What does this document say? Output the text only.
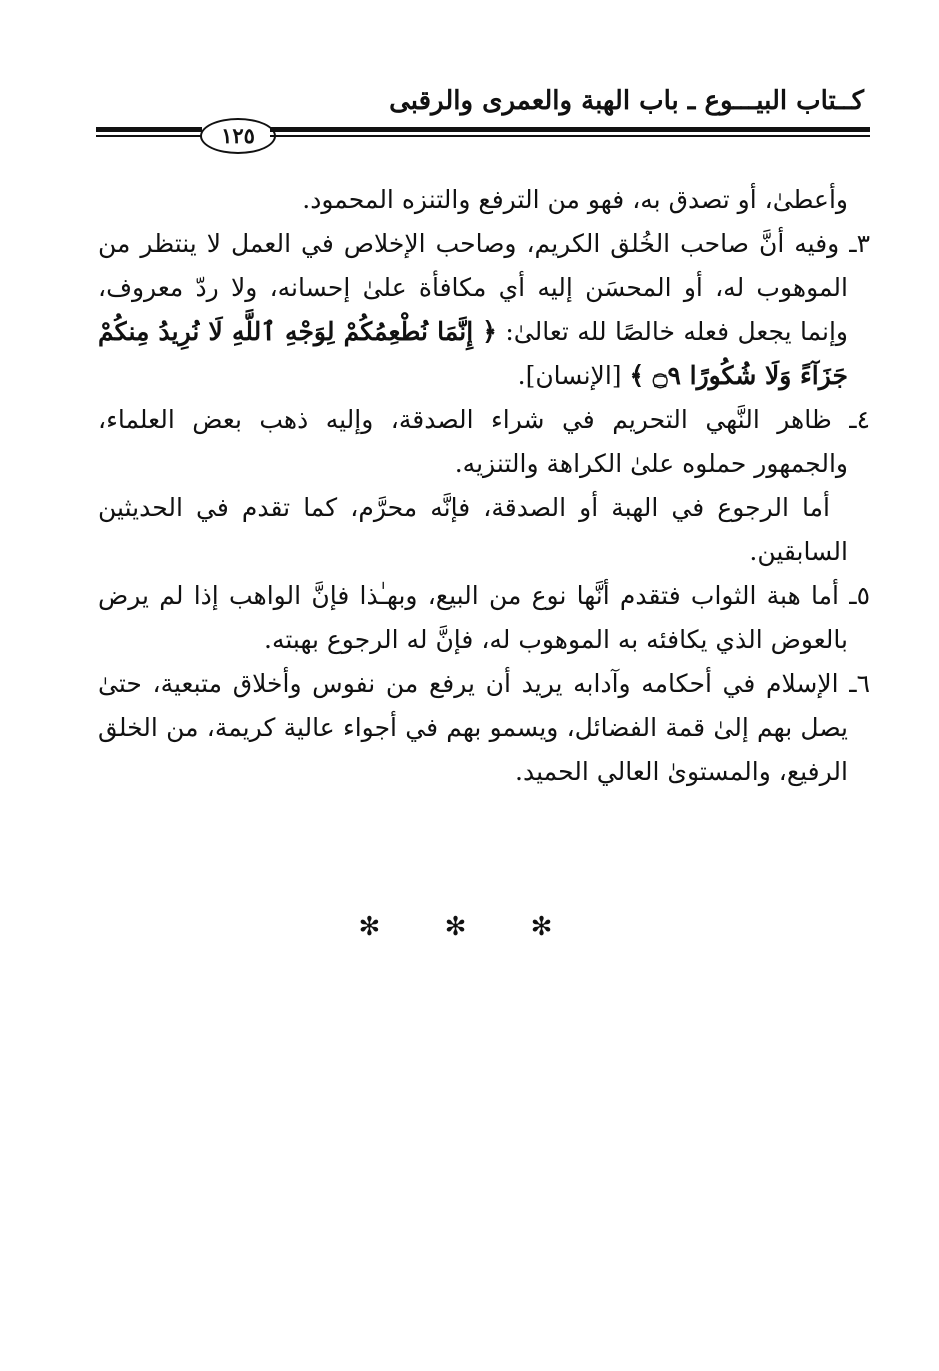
كــتاب البيـــوع ـ باب الهبة والعمرى والرقبى
١٢٥

وأعطىٰ، أو تصدق به، فهو من الترفع والتنزه المحمود.

٣ـ وفيه أنَّ صاحب الخُلق الكريم، وصاحب الإخلاص في العمل لا ينتظر من الموهوب له، أو المحسَن إليه أي مكافأة علىٰ إحسانه، ولا ردّ معروف، وإنما يجعل فعله خالصًا لله تعالىٰ: ﴿ إِنَّمَا نُطْعِمُكُمْ لِوَجْهِ ٱللَّهِ لَا نُرِيدُ مِنكُمْ جَزَآءً وَلَا شُكُورًا ۝٩ ﴾ [الإنسان].

٤ـ ظاهر النَّهي التحريم في شراء الصدقة، وإليه ذهب بعض العلماء، والجمهور حملوه علىٰ الكراهة والتنزيه.

أما الرجوع في الهبة أو الصدقة، فإنَّه محرَّم، كما تقدم في الحديثين السابقين.

٥ـ أما هبة الثواب فتقدم أنَّها نوع من البيع، وبهـٰذا فإنَّ الواهب إذا لم يرض بالعوض الذي يكافئه به الموهوب له، فإنَّ له الرجوع بهبته.

٦ـ الإسلام في أحكامه وآدابه يريد أن يرفع من نفوس وأخلاق متبعية، حتىٰ يصل بهم إلىٰ قمة الفضائل، ويسمو بهم في أجواء عالية كريمة، من الخلق الرفيع، والمستوىٰ العالي الحميد.

✻ ✻ ✻
